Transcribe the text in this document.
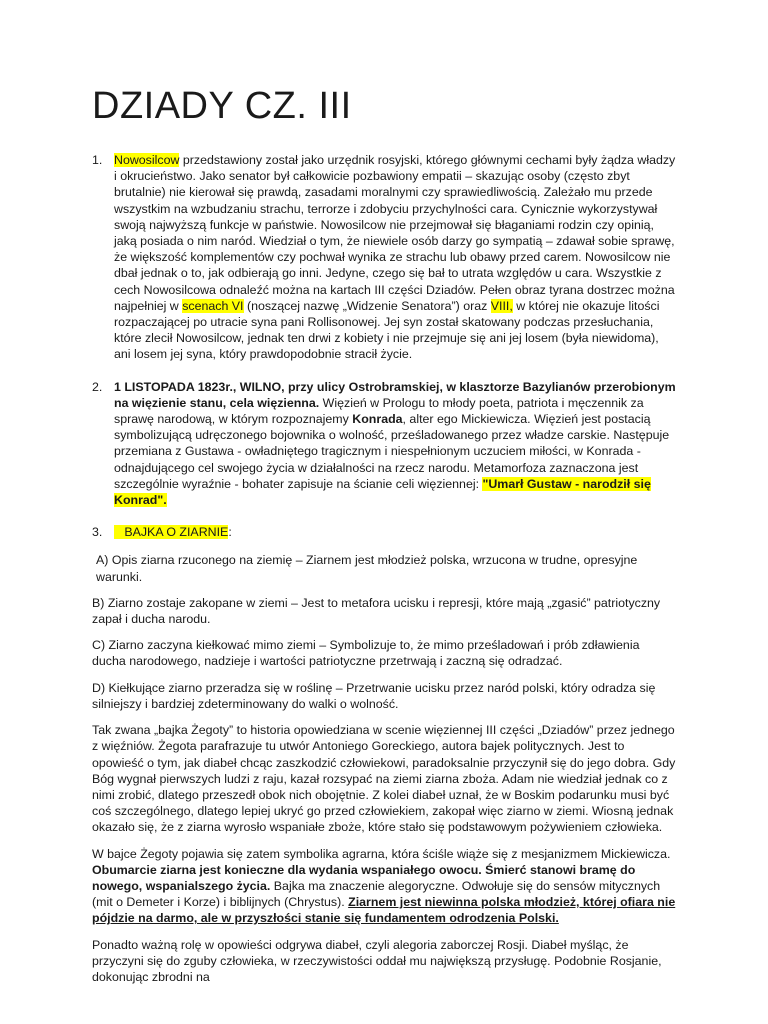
DZIADY CZ. III
1. Nowosilcow przedstawiony został jako urzędnik rosyjski, którego głównymi cechami były żądza władzy i okrucieństwo. Jako senator był całkowicie pozbawiony empatii – skazując osoby (często zbyt brutalnie) nie kierował się prawdą, zasadami moralnymi czy sprawiedliwością. Zależało mu przede wszystkim na wzbudzaniu strachu, terrorze i zdobyciu przychylności cara. Cynicznie wykorzystywał swoją najwyższą funkcje w państwie. Nowosilcow nie przejmował się błaganiami rodzin czy opinią, jaką posiada o nim naród. Wiedział o tym, że niewiele osób darzy go sympatią – zdawał sobie sprawę, że większość komplementów czy pochwał wynika ze strachu lub obawy przed carem. Nowosilcow nie dbał jednak o to, jak odbierają go inni. Jedyne, czego się bał to utrata względów u cara. Wszystkie z cech Nowosilcowa odnaleźć można na kartach III części Dziadów. Pełen obraz tyrana dostrzec można najpełniej w scenach VI (noszącej nazwę „Widzenie Senatora”) oraz VIII, w której nie okazuje litości rozpaczającej po utracie syna pani Rollisonowej. Jej syn został skatowany podczas przesłuchania, które zlecił Nowosilcow, jednak ten drwi z kobiety i nie przejmuje się ani jej losem (była niewidoma), ani losem jej syna, który prawdopodobnie stracił życie.
2. 1 LISTOPADA 1823r., WILNO, przy ulicy Ostrobramskiej, w klasztorze Bazylianów przerobionym na więzienie stanu, cela więzienna. Więzień w Prologu to młody poeta, patriota i męczennik za sprawę narodową, w którym rozpoznajemy Konrada, alter ego Mickiewicza. Więzień jest postacią symbolizującą udręczonego bojownika o wolność, prześladowanego przez władze carskie. Następuje przemiana z Gustawa - owładniętego tragicznym i niespełnionym uczuciem miłości, w Konrada - odnajdującego cel swojego życia w działalności na rzecz narodu. Metamorfoza zaznaczona jest szczególnie wyraźnie - bohater zapisuje na ścianie celi więziennej: "Umarł Gustaw - narodził się Konrad".
3. BAJKA O ZIARNIE:

A) Opis ziarna rzuconego na ziemię – Ziarnem jest młodzież polska, wrzucona w trudne, opresyjne warunki.

B) Ziarno zostaje zakopane w ziemi – Jest to metafora ucisku i represji, które mają „zgasić” patriotyczny zapał i ducha narodu.

C) Ziarno zaczyna kiełkować mimo ziemi – Symbolizuje to, że mimo prześladowań i prób zdławienia ducha narodowego, nadzieje i wartości patriotyczne przetrwają i zaczną się odradzać.

D) Kiełkujące ziarno przeradza się w roślinę – Przetrwanie ucisku przez naród polski, który odradza się silniejszy i bardziej zdeterminowany do walki o wolność.

Tak zwana „bajka Żegoty” to historia opowiedziana w scenie więziennej III części „Dziadów” przez jednego z więźniów. Żegota parafrazuje tu utwór Antoniego Goreckiego, autora bajek politycznych. Jest to opowieść o tym, jak diabeł chcąc zaszkodzić człowiekowi, paradoksalnie przyczynił się do jego dobra. Gdy Bóg wygnał pierwszych ludzi z raju, kazał rozsypać na ziemi ziarna zboża. Adam nie wiedział jednak co z nimi zrobić, dlatego przeszedł obok nich obojętnie. Z kolei diabeł uznał, że w Boskim podarunku musi być coś szczególnego, dlatego lepiej ukryć go przed człowiekiem, zakopał więc ziarno w ziemi. Wiosną jednak okazało się, że z ziarna wyrosło wspaniałe zboże, które stało się podstawowym pożywieniem człowieka.

W bajce Żegoty pojawia się zatem symbolika agrarna, która ściśle wiąże się z mesjanizmem Mickiewicza. Obumarcie ziarna jest konieczne dla wydania wspaniałego owocu. Śmierć stanowi bramę do nowego, wspanialszego życia. Bajka ma znaczenie alegoryczne. Odwołuje się do sensów mitycznych (mit o Demeter i Korze) i biblijnych (Chrystus). Ziarnem jest niewinna polska młodzież, której ofiara nie pójdzie na darmo, ale w przyszłości stanie się fundamentem odrodzenia Polski.

Ponadto ważną rolę w opowieści odgrywa diabeł, czyli alegoria zaborczej Rosji. Diabeł myśląc, że przyczyni się do zguby człowieka, w rzeczywistości oddał mu największą przysługę. Podobnie Rosjanie, dokonując zbrodni na
